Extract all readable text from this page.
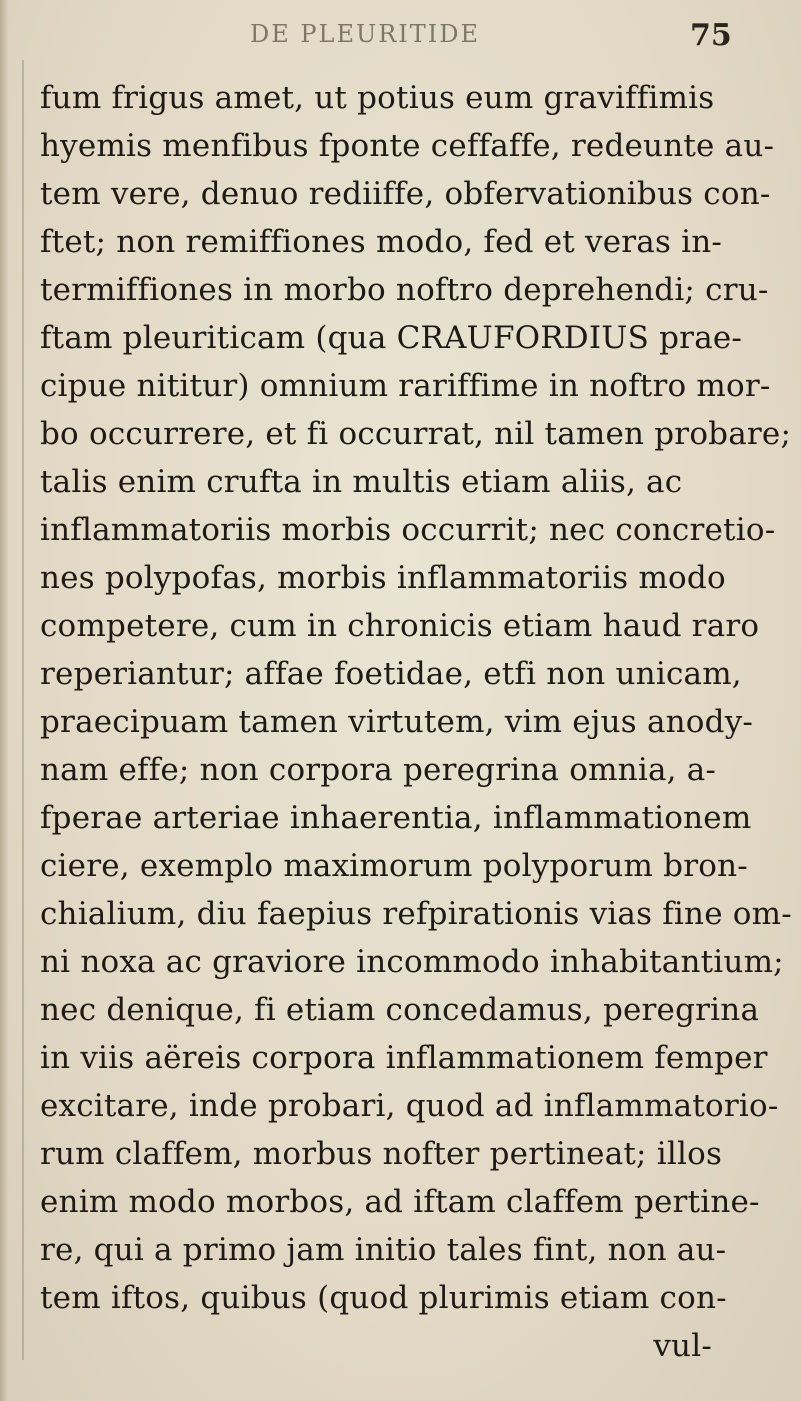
DE PLEURITIDE	75
fum frigus amet, ut potius eum graviffimis
hyemis menfibus fponte ceffaffe, redeunte au-
tem vere, denuo rediiffe, obfervationibus con-
ftet; non remiffiones modo, fed et veras in-
termiffiones in morbo noftro deprehendi; cru-
ftam pleuriticam (qua CRAUFORDIUS prae-
cipue nititur) omnium rariffime in noftro mor-
bo occurrere, et fi occurrat, nil tamen probare;
talis enim crufta in multis etiam aliis, ac
inflammatoriis morbis occurrit; nec concretio-
nes polypofas, morbis inflammatoriis modo
competere, cum in chronicis etiam haud raro
reperiantur; affae foetidae, etfi non unicam,
praecipuam tamen virtutem, vim ejus anody-
nam effe; non corpora peregrina omnia, a-
fperae arteriae inhaerentia, inflammationem
ciere, exemplo maximorum polyporum bron-
chialium, diu faepius refpirationis vias fine om-
ni noxa ac graviore incommodo inhabitantium;
nec denique, fi etiam concedamus, peregrina
in viis aëreis corpora inflammationem femper
excitare, inde probari, quod ad inflammatorio-
rum claffem, morbus nofter pertineat; illos
enim modo morbos, ad iftam claffem pertine-
re, qui a primo jam initio tales fint, non au-
tem iftos, quibus (quod plurimis etiam con-
vul-
